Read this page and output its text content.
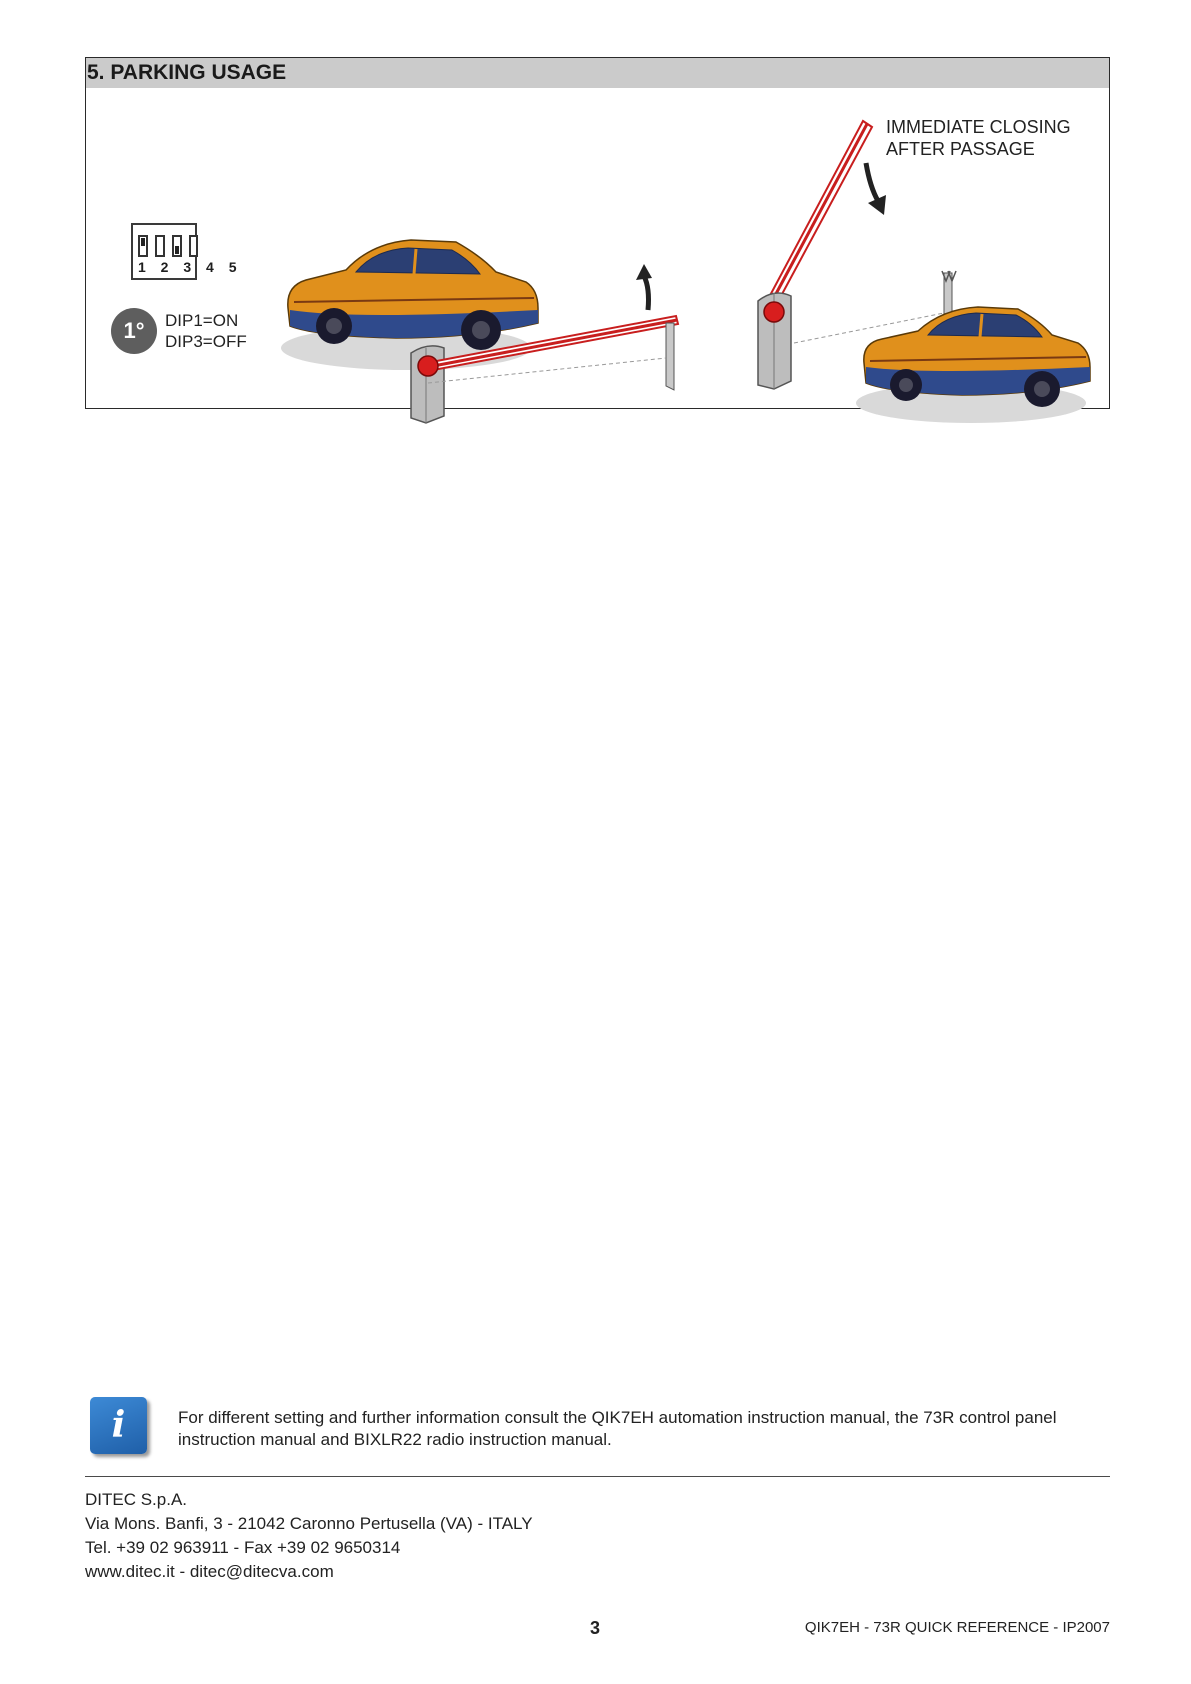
5. PARKING USAGE
IMMEDIATE CLOSING
AFTER PASSAGE
1 2 3 4 5
1°	DIP1=ON
DIP3=OFF
i	For different setting and further information consult the QIK7EH automation instruction manual, the 73R control panel instruction manual and BIXLR22 radio instruction manual.
DITEC S.p.A.
Via Mons. Banfi, 3 - 21042 Caronno Pertusella (VA) - ITALY
Tel. +39 02 963911 - Fax +39 02 9650314
www.ditec.it - ditec@ditecva.com
3	QIK7EH - 73R QUICK REFERENCE - IP2007
